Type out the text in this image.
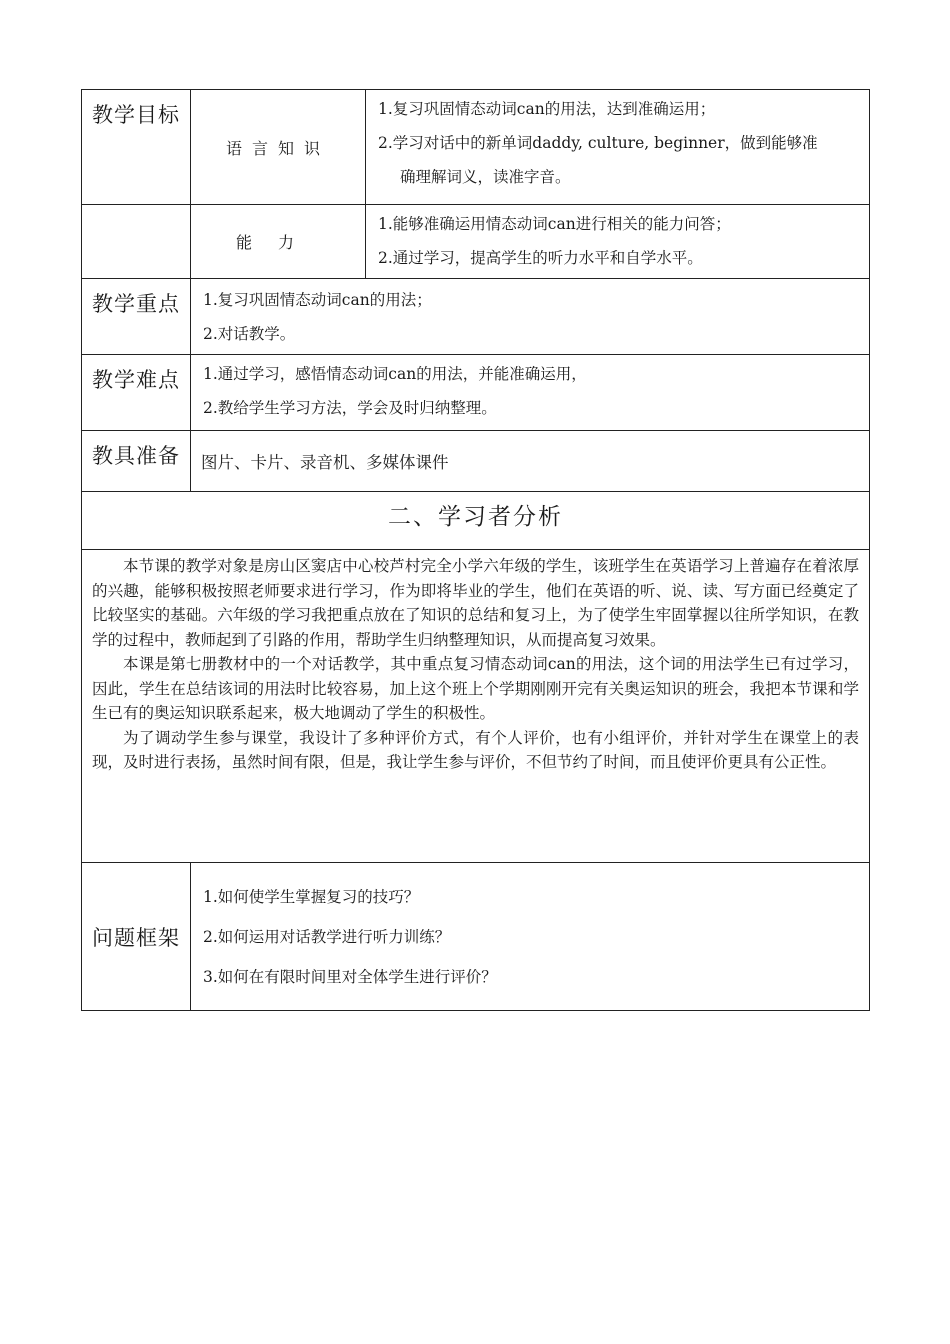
教学目标	语言知识	1.复习巩固情态动词can的用法，达到准确运用；
2.学习对话中的新单词daddy, culture, beginner，做到能够准
确理解词义，读准字音。

	能力	1.能够准确运用情态动词can进行相关的能力问答；
2.通过学习，提高学生的听力水平和自学水平。

教学重点	1.复习巩固情态动词can的用法；
2.对话教学。	

教学难点	1.通过学习，感悟情态动词can的用法，并能准确运用，
2.教给学生学习方法，学会及时归纳整理。	

教具准备	图片、卡片、录音机、多媒体课件	
二、学习者分析		

本节课的教学对象是房山区窦店中心校芦村完全小学六年级的学生，该班学生在英语学习上普遍存在着浓厚的兴趣，能够积极按照老师要求进行学习，作为即将毕业的学生，他们在英语的听、说、读、写方面已经奠定了比较坚实的基础。六年级的学习我把重点放在了知识的总结和复习上，为了使学生牢固掌握以往所学知识，在教学的过程中，教师起到了引路的作用，帮助学生归纳整理知识，从而提高复习效果。

本课是第七册教材中的一个对话教学，其中重点复习情态动词can的用法，这个词的用法学生已有过学习，因此，学生在总结该词的用法时比较容易，加上这个班上个学期刚刚开完有关奥运知识的班会，我把本节课和学生已有的奥运知识联系起来，极大地调动了学生的积极性。

为了调动学生参与课堂，我设计了多种评价方式，有个人评价，也有小组评价，并针对学生在课堂上的表现，及时进行表扬，虽然时间有限，但是，我让学生参与评价，不但节约了时间，而且使评价更具有公正性。		

问题框架	1.如何使学生掌握复习的技巧？
2.如何运用对话教学进行听力训练？
3.如何在有限时间里对全体学生进行评价？	
